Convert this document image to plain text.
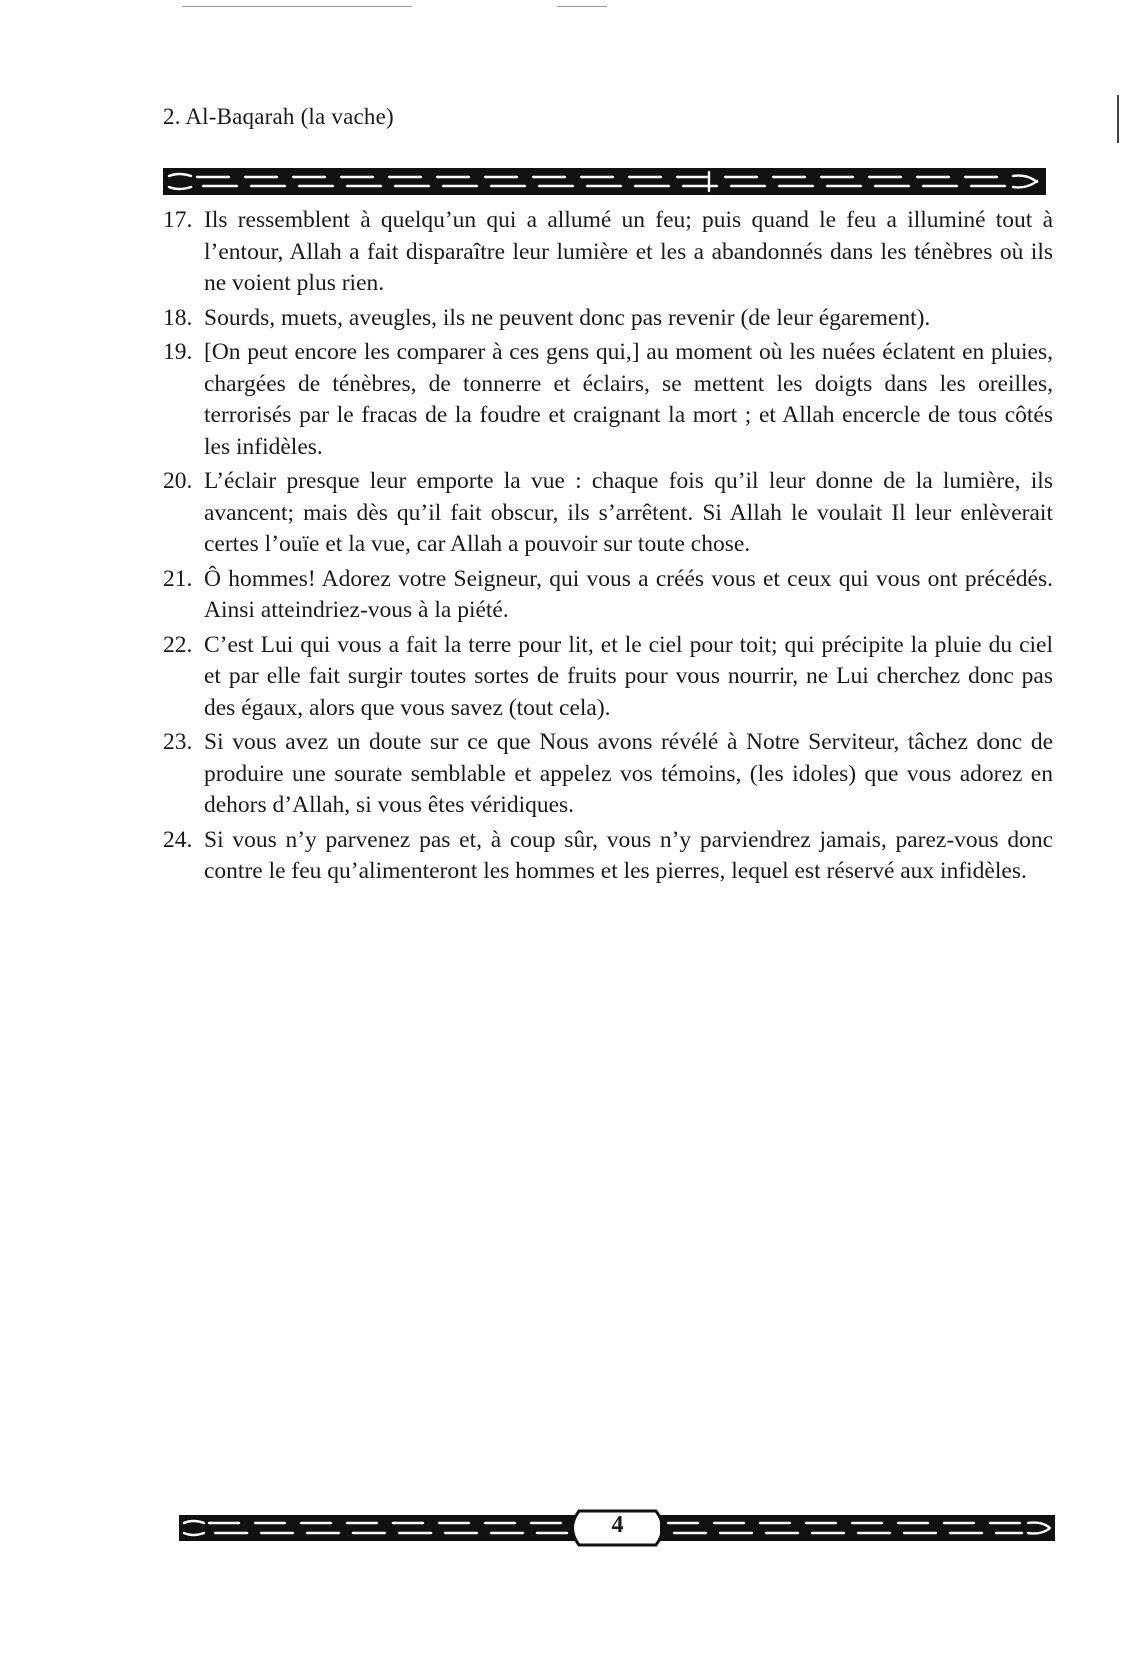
2. Al-Baqarah (la vache)
17. Ils ressemblent à quelqu’un qui a allumé un feu; puis quand le feu a illuminé tout à l’entour, Allah a fait disparaître leur lumière et les a abandonnés dans les ténèbres où ils ne voient plus rien.
18. Sourds, muets, aveugles, ils ne peuvent donc pas revenir (de leur égarement).
19. [On peut encore les comparer à ces gens qui,] au moment où les nuées éclatent en pluies, chargées de ténèbres, de tonnerre et éclairs, se mettent les doigts dans les oreilles, terrorisés par le fracas de la foudre et craignant la mort ; et Allah encercle de tous côtés les infidèles.
20. L’éclair presque leur emporte la vue : chaque fois qu’il leur donne de la lumière, ils avancent; mais dès qu’il fait obscur, ils s’arrêtent. Si Allah le voulait Il leur enlèverait certes l’ouïe et la vue, car Allah a pouvoir sur toute chose.
21. Ô hommes! Adorez votre Seigneur, qui vous a créés vous et ceux qui vous ont précédés. Ainsi atteindriez-vous à la piété.
22. C’est Lui qui vous a fait la terre pour lit, et le ciel pour toit; qui précipite la pluie du ciel et par elle fait surgir toutes sortes de fruits pour vous nourrir, ne Lui cherchez donc pas des égaux, alors que vous savez (tout cela).
23. Si vous avez un doute sur ce que Nous avons révélé à Notre Serviteur, tâchez donc de produire une sourate semblable et appelez vos témoins, (les idoles) que vous adorez en dehors d’Allah, si vous êtes véridiques.
24. Si vous n’y parvenez pas et, à coup sûr, vous n’y parviendrez jamais, parez-vous donc contre le feu qu’alimenteront les hommes et les pierres, lequel est réservé aux infidèles.
4
